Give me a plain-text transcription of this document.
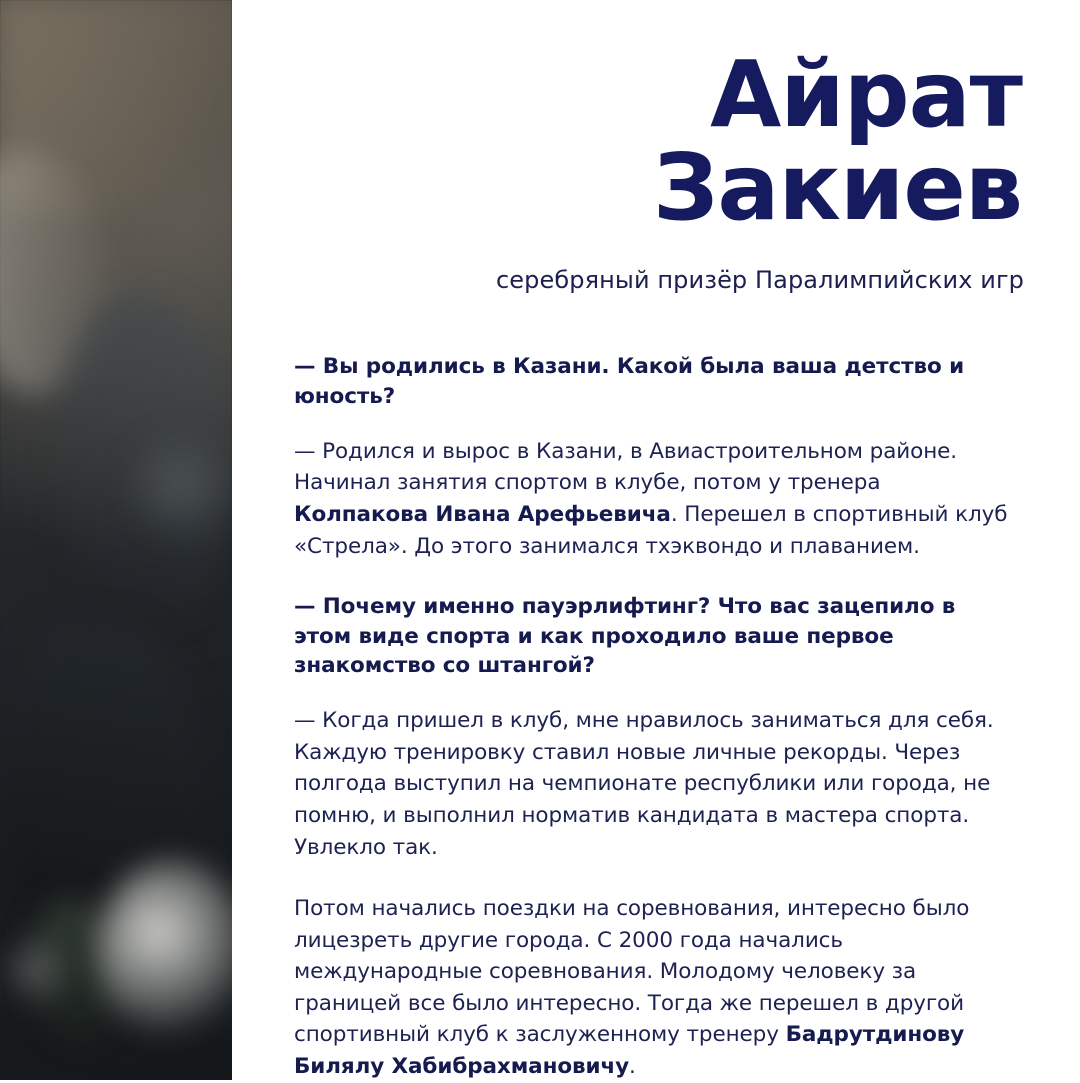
Айрат
Закиев
серебряный призёр Паралимпийских игр

— Вы родились в Казани. Какой была ваша детство и юность?

— Родился и вырос в Казани, в Авиастроительном районе. Начинал занятия спортом в клубе, потом у тренера Колпакова Ивана Арефьевича. Перешел в спортивный клуб «Стрела». До этого занимался тхэквондо и плаванием.

— Почему именно пауэрлифтинг? Что вас зацепило в этом виде спорта и как проходило ваше первое знакомство со штангой?

— Когда пришел в клуб, мне нравилось заниматься для себя. Каждую тренировку ставил новые личные рекорды. Через полгода выступил на чемпионате республики или города, не помню, и выполнил норматив кандидата в мастера спорта. Увлекло так.

Потом начались поездки на соревнования, интересно было лицезреть другие города. С 2000 года начались международные соревнования. Молодому человеку за границей все было интересно. Тогда же перешел в другой спортивный клуб к заслуженному тренеру Бадрутдинову Билялу Хабибрахмановичу.
